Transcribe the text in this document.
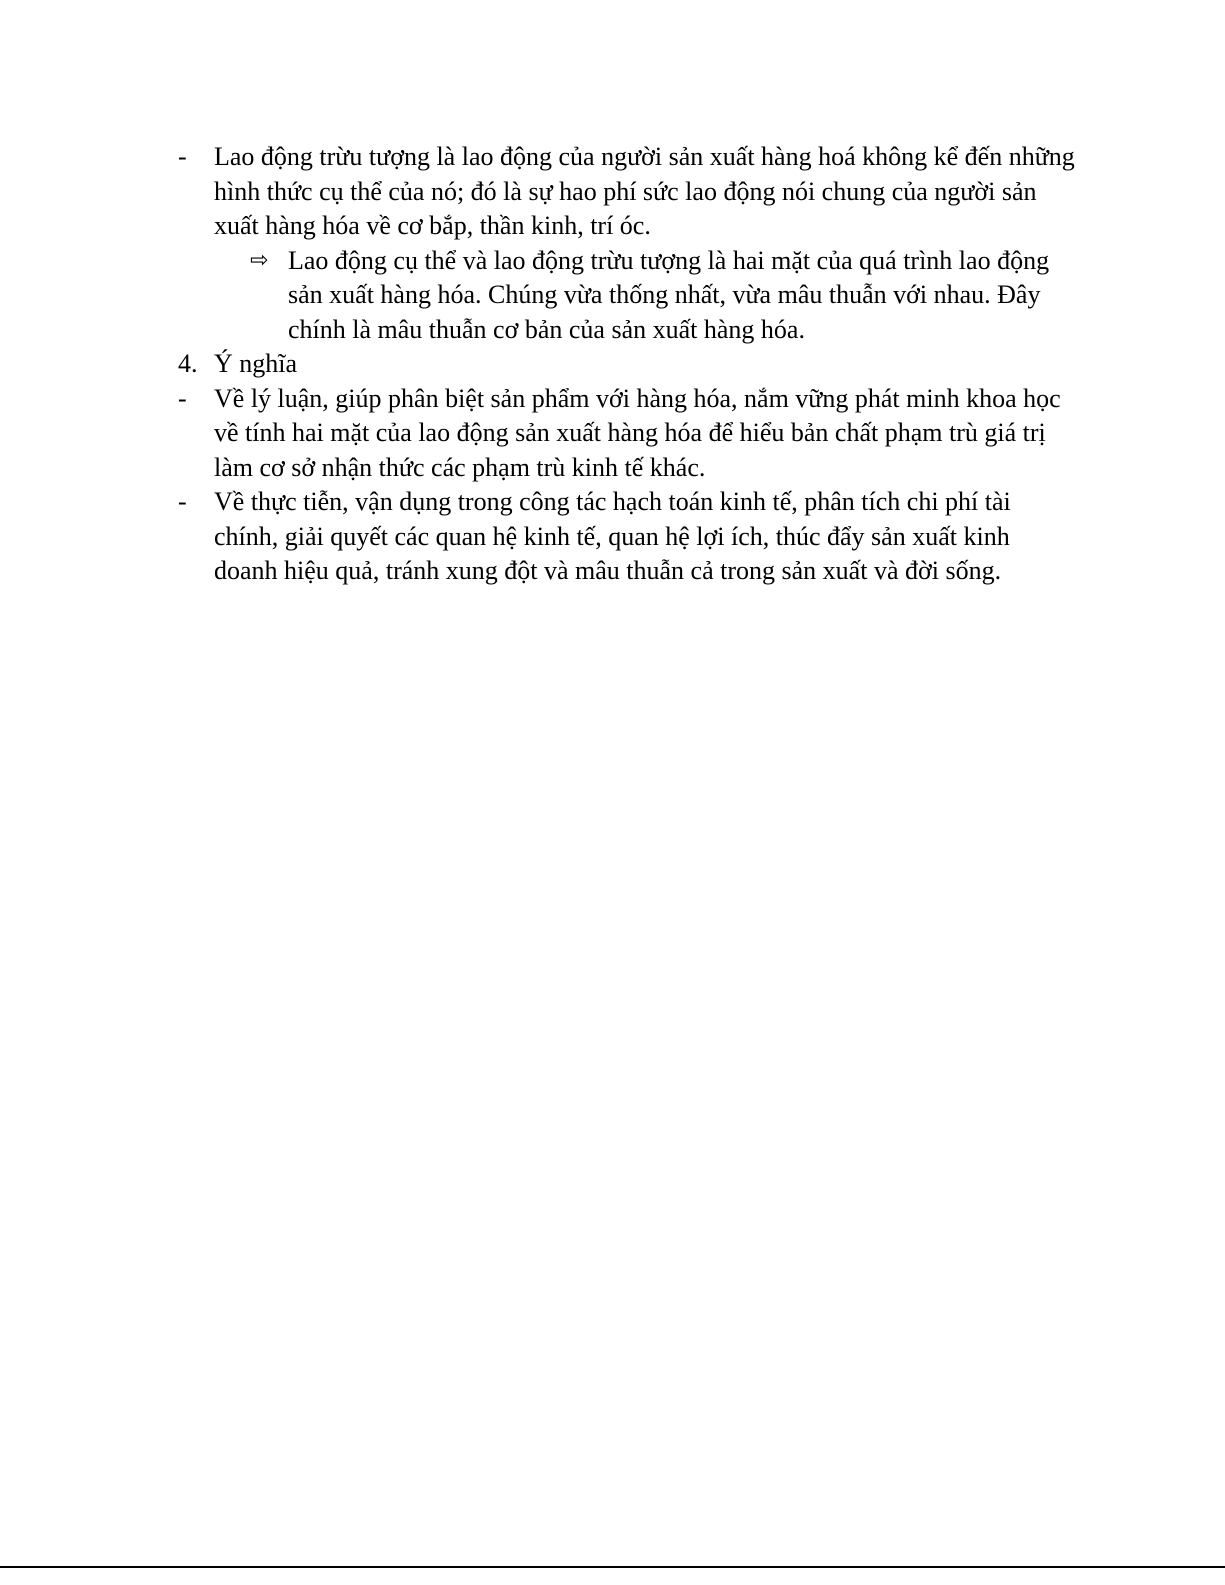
-	Lao động trừu tượng là lao động của người sản xuất hàng hoá không kể đến những hình thức cụ thể của nó; đó là sự hao phí sức lao động nói chung của người sản xuất hàng hóa về cơ bắp, thần kinh, trí óc.

⇨ Lao động cụ thể và lao động trừu tượng là hai mặt của quá trình lao động sản xuất hàng hóa. Chúng vừa thống nhất, vừa mâu thuẫn với nhau. Đây chính là mâu thuẫn cơ bản của sản xuất hàng hóa.

4. Ý nghĩa

-	Về lý luận, giúp phân biệt sản phẩm với hàng hóa, nắm vững phát minh khoa học về tính hai mặt của lao động sản xuất hàng hóa để hiểu bản chất phạm trù giá trị làm cơ sở nhận thức các phạm trù kinh tế khác.

-	Về thực tiễn, vận dụng trong công tác hạch toán kinh tế, phân tích chi phí tài chính, giải quyết các quan hệ kinh tế, quan hệ lợi ích, thúc đẩy sản xuất kinh doanh hiệu quả, tránh xung đột và mâu thuẫn cả trong sản xuất và đời sống.
